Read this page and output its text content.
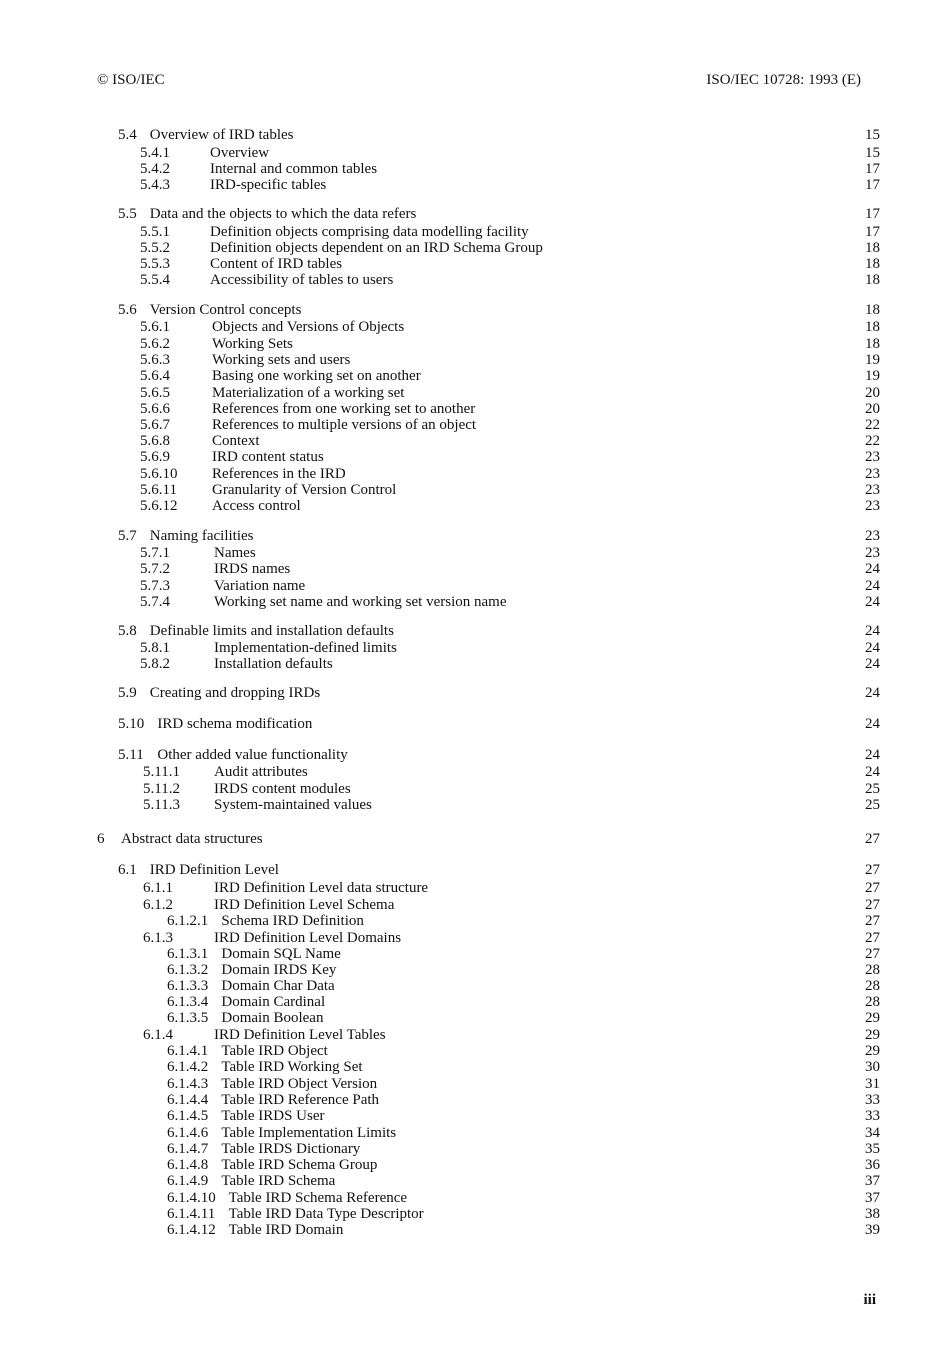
© ISO/IEC	ISO/IEC 10728: 1993 (E)
5.4 Overview of IRD tables	15
5.4.1	Overview	15
5.4.2	Internal and common tables	17
5.4.3	IRD-specific tables	17
5.5 Data and the objects to which the data refers	17
5.5.1	Definition objects comprising data modelling facility	17
5.5.2	Definition objects dependent on an IRD Schema Group	18
5.5.3	Content of IRD tables	18
5.5.4	Accessibility of tables to users	18
5.6 Version Control concepts	18
5.6.1	Objects and Versions of Objects	18
5.6.2	Working Sets	18
5.6.3	Working sets and users	19
5.6.4	Basing one working set on another	19
5.6.5	Materialization of a working set	20
5.6.6	References from one working set to another	20
5.6.7	References to multiple versions of an object	22
5.6.8	Context	22
5.6.9	IRD content status	23
5.6.10 References in the IRD	23
5.6.11 Granularity of Version Control	23
5.6.12 Access control	23
5.7 Naming facilities	23
5.7.1	Names	23
5.7.2	IRDS names	24
5.7.3	Variation name	24
5.7.4	Working set name and working set version name	24
5.8 Definable limits and installation defaults	24
5.8.1	Implementation-defined limits	24
5.8.2	Installation defaults	24
5.9 Creating and dropping IRDs	24
5.10 IRD schema modification	24
5.11 Other added value functionality	24
5.11.1 Audit attributes	24
5.11.2 IRDS content modules	25
5.11.3 System-maintained values	25
6 Abstract data structures	27
6.1 IRD Definition Level	27
6.1.1	IRD Definition Level data structure	27
6.1.2	IRD Definition Level Schema	27
6.1.2.1 Schema IRD Definition	27
6.1.3	IRD Definition Level Domains	27
6.1.3.1 Domain SQL Name	27
6.1.3.2 Domain IRDS Key	28
6.1.3.3 Domain Char Data	28
6.1.3.4 Domain Cardinal	28
6.1.3.5 Domain Boolean	29
6.1.4	IRD Definition Level Tables	29
6.1.4.1 Table IRD Object	29
6.1.4.2 Table IRD Working Set	30
6.1.4.3 Table IRD Object Version	31
6.1.4.4 Table IRD Reference Path	33
6.1.4.5 Table IRDS User	33
6.1.4.6 Table Implementation Limits	34
6.1.4.7 Table IRDS Dictionary	35
6.1.4.8 Table IRD Schema Group	36
6.1.4.9 Table IRD Schema	37
6.1.4.10 Table IRD Schema Reference	37
6.1.4.11 Table IRD Data Type Descriptor	38
6.1.4.12 Table IRD Domain	39
iii
